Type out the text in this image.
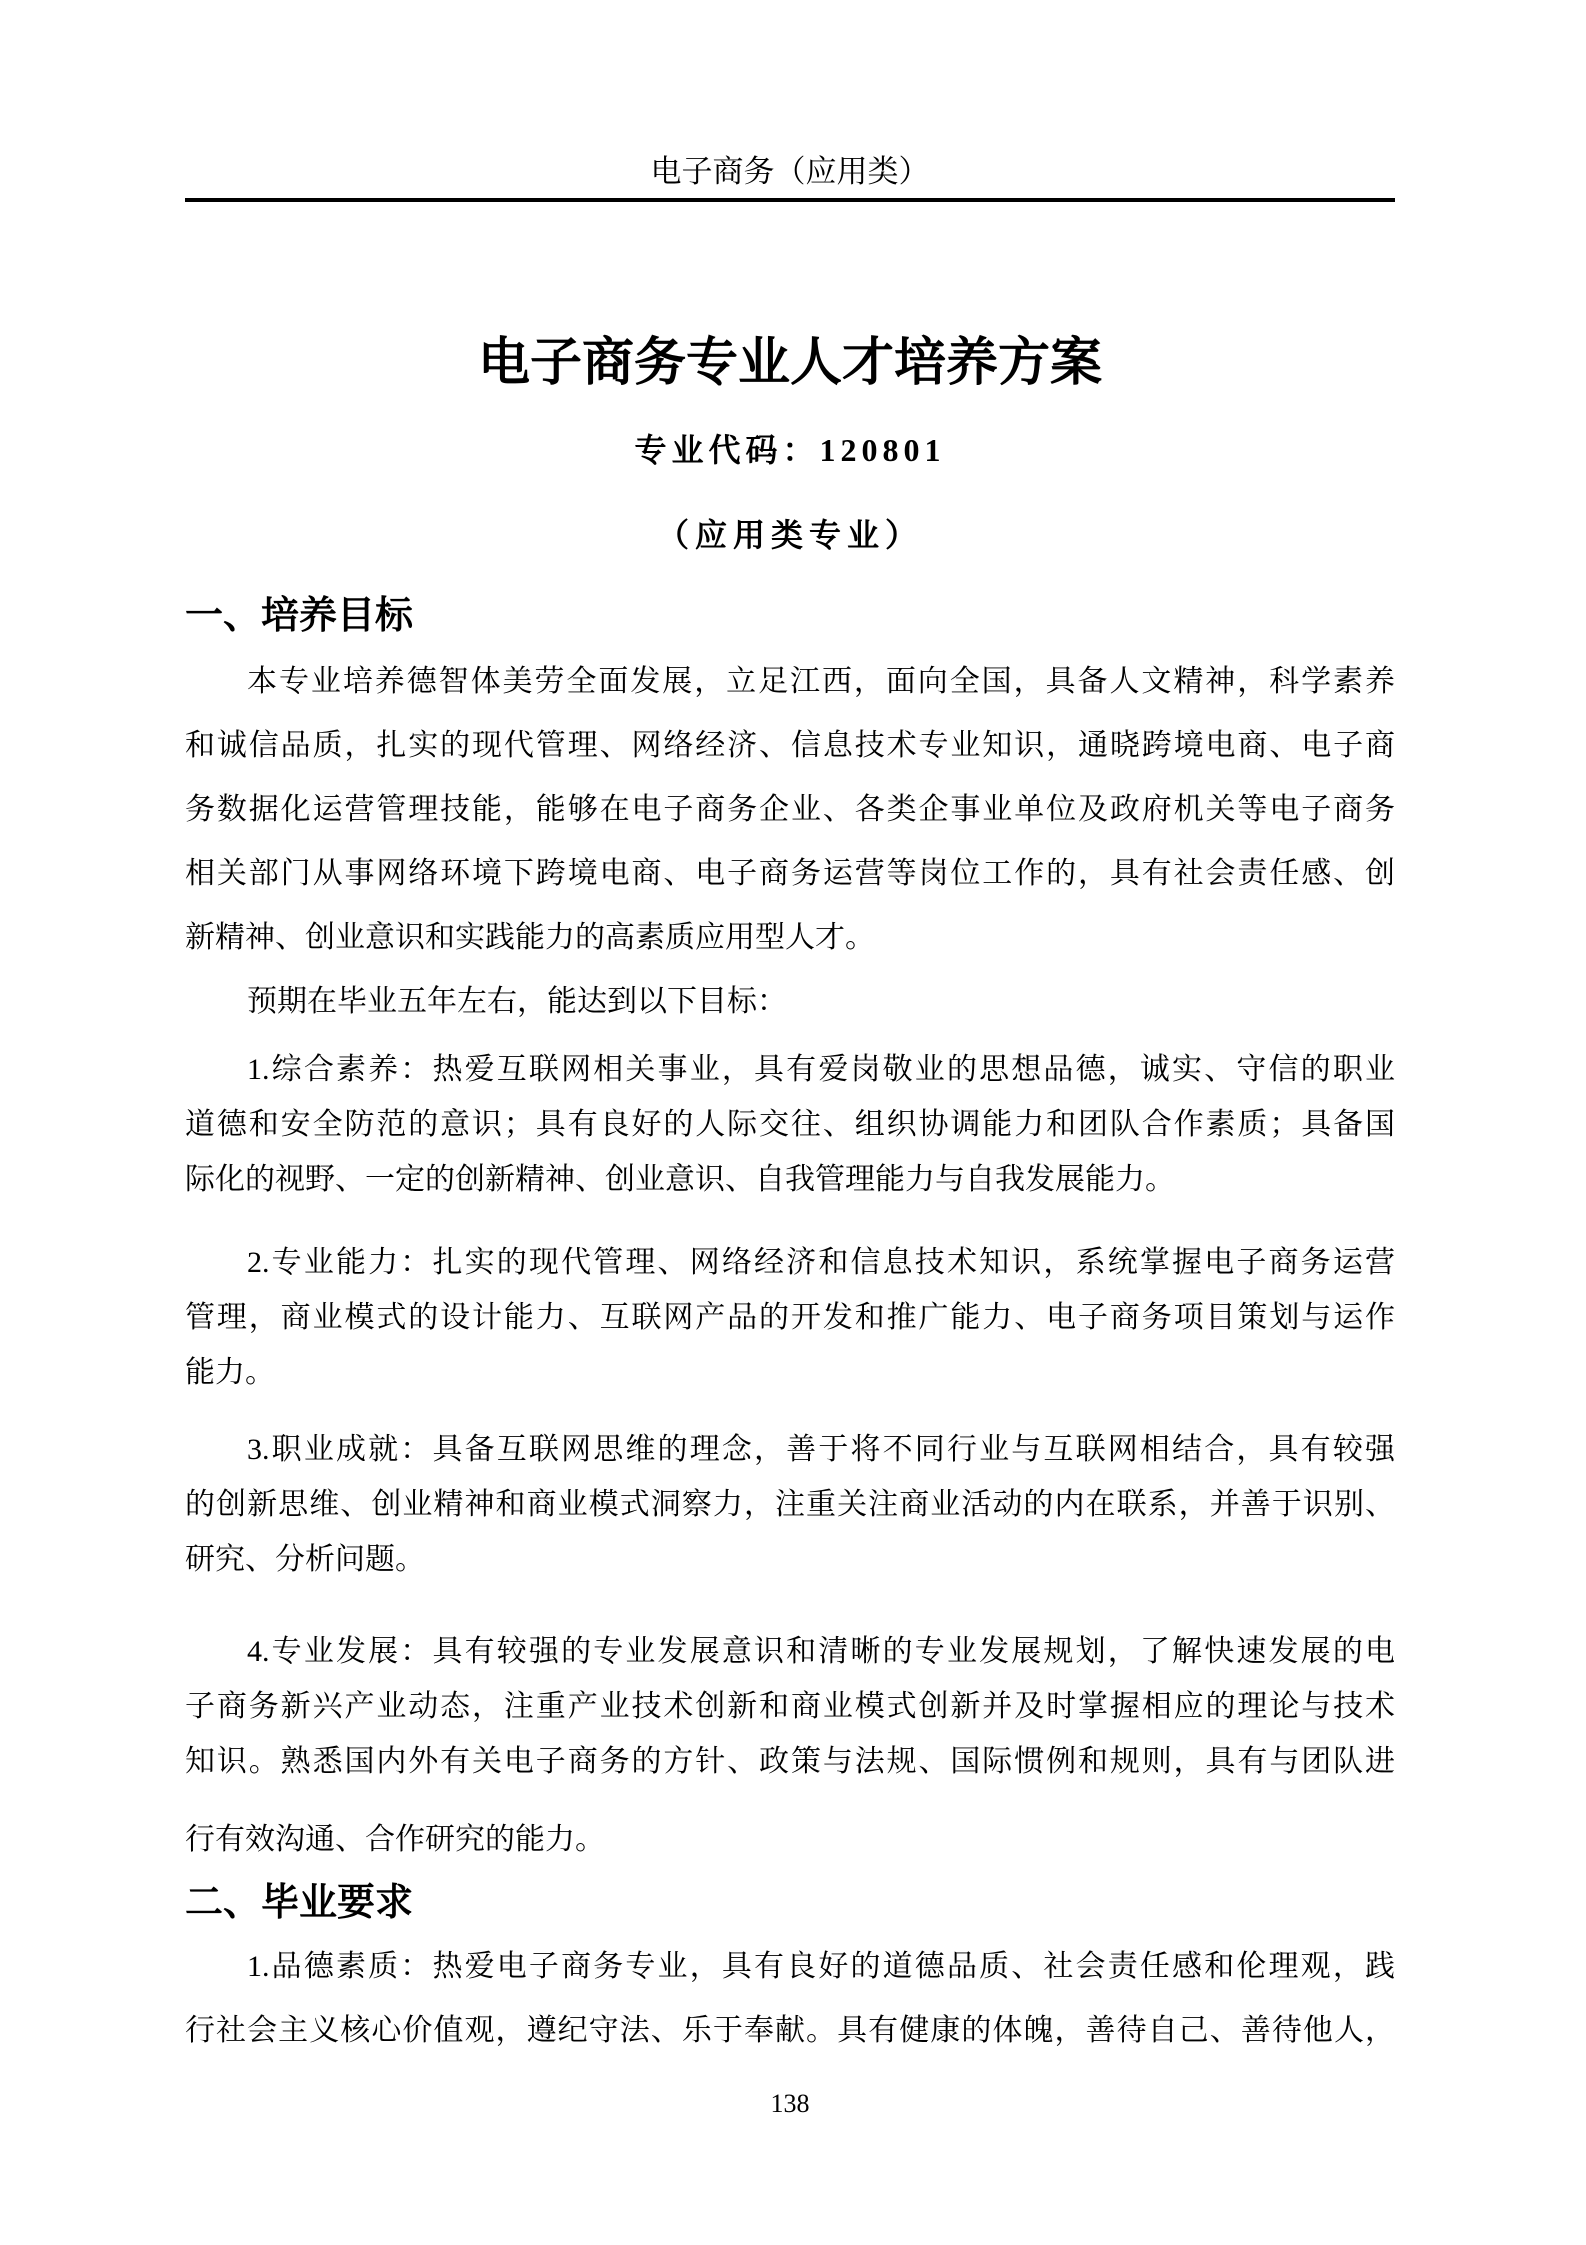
电子商务（应用类）
电子商务专业人才培养方案
专业代码：120801
（应用类专业）
一、培养目标
本专业培养德智体美劳全面发展，立足江西，面向全国，具备人文精神，科学素养
和诚信品质，扎实的现代管理、网络经济、信息技术专业知识，通晓跨境电商、电子商
务数据化运营管理技能，能够在电子商务企业、各类企事业单位及政府机关等电子商务
相关部门从事网络环境下跨境电商、电子商务运营等岗位工作的，具有社会责任感、创
新精神、创业意识和实践能力的高素质应用型人才。
预期在毕业五年左右，能达到以下目标：
1.综合素养：热爱互联网相关事业，具有爱岗敬业的思想品德，诚实、守信的职业
道德和安全防范的意识；具有良好的人际交往、组织协调能力和团队合作素质；具备国
际化的视野、一定的创新精神、创业意识、自我管理能力与自我发展能力。
2.专业能力：扎实的现代管理、网络经济和信息技术知识，系统掌握电子商务运营
管理，商业模式的设计能力、互联网产品的开发和推广能力、电子商务项目策划与运作
能力。
3.职业成就：具备互联网思维的理念，善于将不同行业与互联网相结合，具有较强
的创新思维、创业精神和商业模式洞察力，注重关注商业活动的内在联系，并善于识别、
研究、分析问题。
4.专业发展：具有较强的专业发展意识和清晰的专业发展规划，了解快速发展的电
子商务新兴产业动态，注重产业技术创新和商业模式创新并及时掌握相应的理论与技术
知识。熟悉国内外有关电子商务的方针、政策与法规、国际惯例和规则，具有与团队进
行有效沟通、合作研究的能力。
二、毕业要求
1.品德素质：热爱电子商务专业，具有良好的道德品质、社会责任感和伦理观，践
行社会主义核心价值观，遵纪守法、乐于奉献。具有健康的体魄，善待自己、善待他人，
138
